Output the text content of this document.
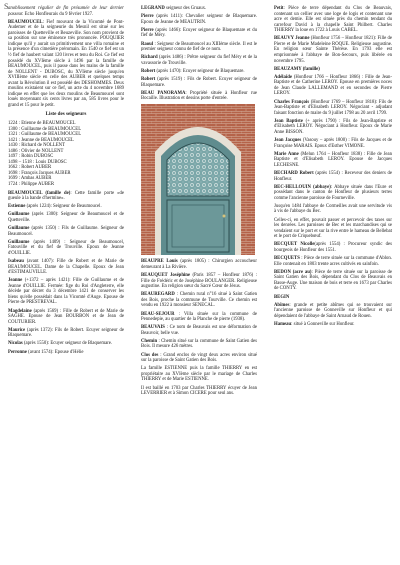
S anoblissement régulier de fin présumée de leur dernier passeur. Echo Honfleurais du 9 février 1927.

BEAUMOUCEL: Fief mouvant de la Vicomté de Pont-Audemer et de la seigneurie du Mesnil est situé sur les paroisses de Quetteville et Beuzeville. Son nom provient de sa position sur une éminence très prononcée. POUQUIER indique qu'il y aurait un primitivement une villa romaine et la présence d'un cimetière préromain. En 1540 ce fief est un ½ fief de haubert valant 120 livres et tenu du Roi. Ce fief est possédé du XVIème siècle à 1496 par la famille de BEAUMOUCEL, puis il passe dans les mains de la famille de NOLLENT - DUBOSC, du XVIème siècle jusqu'en XVIIIème siècle en celle des AUBER et quelques temps avant la Révolution il est possédé des DESHOMMES. Deux moulins existaient sur ce fief, un acte du 4 novembre 1689 indique en effet que les deux moulins de Beaumoucel sont loués moyennant six cents livres par an, 585 livres pour le grand et 15 pour le petit.

Liste des seigneurs
1224 : Etienne de BEAUMOUCEL
1300 : Guillaume de BEAUMOUCEL
1321 : Guillaume de BEAUMOUCEL
1421 : Jeanne de BEAUMOUCEL
1430 : Richard de NOLLENT
1486 : Olivier de NOLLENT
1497 : Robin DUBOSC
1498 – 1518 : Louis DUBOSC
1662 : Robert AUBER
1698 : François Jacques AUBER
1699 : Ambas AUBER
1724 : Philippe AUBER

BEAUMOUCEL (famille de): Cette famille porte «de gueule à la bande d'hermine».

Estienne (après 1224): Seigneur de Beaumoucel.

Guillaume (après 1300): Seigneur de Beaumoucel et de Quetteville.

Guillaume (après 1350) : Fils de Guillaume. Seigneur de Beaumoucel.

Guillaume (après 1409) : Seigneur de Beaumoucel, Fatouville et du fief de Trouville. Epoux de Jeanne d'OUILLIE.

Isabeau (avant 1407): Fille de Robert et de Marie de BEAUMOUCEL. Dame de la Chapelle. Epoux de Jean d'ESTIMAUVILLE.

Jeanne (+1372 – après 1421): Fille de Guillaume et de Jeanne d'OUILLIE. Fermée: fige du Roi d'Angleterre, elle décède par décret du 3 décembre 1421 de conserver les biens qu'elle possédait dans la Vicomté d'Auge. Epouse de Pierre de PRESTREVAL.

Magdelaine (après 1569) : Fille de Robert et de Marie de SAGHE. Epouse de Jean BOURBON et de Jean de COUTURIER.

Maurice (après 1372): Fils de Robert. Ecuyer seigneur de Blaquemare.

Nicolas (après 1550): Ecuyer seigneur de Blaquemare.

Perronne (avant 1574): Epouse d'Hélie

LEGRAND seigneur des Gruaux.

Pierre (après 1411): Chevalier seigneur de Blaquemare. Epoux de Jeanne de MEAUTRIN.

Pierre (après 1466): Ecuyer seigneur de Blaquemare et du fief de Méry.

Raoul : Seigneur de Beaumoucel au XIIIème siècle. Il est le premier seigneur connu de fief de ce nom.

Richard (après 1486) : Prêtre seigneur du fief Méry et de la vavassorie de Trouville.

Robert (après 1470): Ecuyer seigneur de Blaquemare.

Robert (après 1519) : Fils de Robert. Ecuyer seigneur de Blaquemare.

BEAU PANORAMA: Propriété située à Honfleur rue Bocaille. Illustration et dessins porte d'entrée.

BEAUPRE Louis (après 1805) : Chirurgien accoucheur demeurant à La Rivière.

BEAUQUET Joséphine (Paris 1857 – Honfleur 1876) : Fille de Frédéric et de Joséphine BOULANGER. Religieuse augustine. En religion sœur du Sacré Cœur de Jésus.

BEAUREGARD : Chemin rural n°16 situé à Saint Gatien des Bois, proche la commune de Tourville. Ce chemin est vendu en 1922 à monsieur SENECAL.

BEAU-SEJOUR : Villa située sur la commune de Pennedepie, au quartier de la Planche de pierre (1938).

BEAUVAIS : Ce nom de Beauvais est une déformation de Beauvoir, belle vue.

Chemin : Chemin situé sur la commune de Saint Gatien des Bois. Il mesure 426 mètres.

Clos des : Grand enclos de vingt deux acres environ situé sur la paroisse de Saint Gatien des Bois.

La famille ESTIENNE puis la famille THIERRY en est propriétaire au XVIème siècle par le mariage de Charles THIERRY et de Marie ESTIENNE.

Il est baillé en 1703 par Charles THIERRY écuyer de Jean LEVERRIER et à Simon CICERE pour seul ans.

Petit: Pièce de terre dépendant du Clos de Beauvais, contenant un cellier avec une loge de logis et contenant une acre et demie. Elle est située près du chemin tendant du carrefour David à la chapelle Saint Philbert. Charles THIERRY la loue en 1722 à Louis CABEL.

BEAUVY Jeanne (Honfleur 1756 – Honfleur 1821): Fille de Pierre et de Marie Madeleine ROQUE. Religieuse augustine. En religion sœur Sainte Thérèse. En 1793 elle est emprisonnée à l'abbaye de Bon-Secours, puis libérée en novembre 1795.

BEAUZAMY (famille)

Adélaïde (Honfleur 1766 – Honfleur 1866) : Fille de Jean-Baptiste et de Catherine LEROY. Epouse en premières noces de Jean Claude LALLEMAND et en secondes de Pierre LEROY.

Charles François (Honfleur 1769 – Honfleur 1818): Fils de Jean-Baptiste et d'Elisabeth LEROY. Négociant - adjudant faisant fonction de maire du 9 juillet 1798 au 20 avril 1799.

Jean Baptiste (+ après 1790) : Fils de Jean-Baptiste et d'Elisabeth LEROY. Négociant à Honfleur. Epoux de Marie Anne BISSON.

Jean Jacques (Vasouy – après 1800) : Fils de Jacques et de Françoise MARAIS. Epoux d'Esther VIMONE.

Marie Anne (Melun 1764 – Honfleur 1838) : Fille de Jean Baptiste et d'Elisabeth LEROY. Epouse de Jacques LECHESNE.

BECHARD Robert (après 1554) : Receveur des deniers de Honfleur.

BEC-HELLOUIN (abbaye): Abbaye située dans l'Eure et possédant dans le canton de Honfleur de plusieurs terres comme l'ancienne paroisse de Fourneville.

Jusqu'en 1484 l'abbaye de Cormeilles avait une servitude vis à vis de l'abbaye du Bec.

Celles-ci, en effet, pouvait passer et percevoir des taxes sur les denrées. Les paroisses de Bec et les marchandises qui se vendaient sur le port et sur la rive entre le hameau de Bellebat et le port de Criquebœuf.

BECQUET Nicolle(après 1554) : Procureur syndic des bourgeois de Honfleur des 1551.

BECQUETS : Pièce de terre située sur la commune d'Ablon. Elle contenait en 1803 trente acres cultivés en sainfoin.

BEDON (acre au): Pièce de terre située sur la paroisse de Saint Gatien des Bois, dépendant du Clos de Beauvais en Basse-Auge. Une maison de bois et terre en 1673 par Charles de CONTY.

BEGIN

Abîmes: grande et petite abîmes qui se trouvaient sur l'ancienne paroisse de Gonneville sur Honfleur et qui dépendaient de l'abbaye de Saint Arnaud de Rouen.

Hameau: situé à Gonneville sur Honfleur.
